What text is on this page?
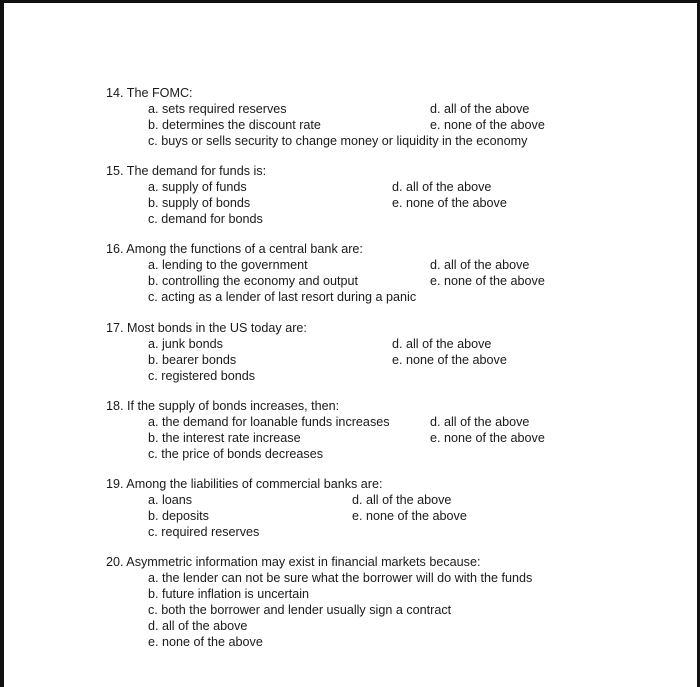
14. The FOMC:
a. sets required reserves
b. determines the discount rate
c. buys or sells security to change money or liquidity in the economy
d. all of the above
e. none of the above
15. The demand for funds is:
a. supply of funds
b. supply of bonds
c. demand for bonds
d. all of the above
e. none of the above
16. Among the functions of a central bank are:
a. lending to the government
b. controlling the economy and output
c. acting as a lender of last resort during a panic
d. all of the above
e. none of the above
17. Most bonds in the US today are:
a. junk bonds
b. bearer bonds
c. registered bonds
d. all of the above
e. none of the above
18. If the supply of bonds increases, then:
a. the demand for loanable funds increases
b. the interest rate increase
c. the price of bonds decreases
d. all of the above
e. none of the above
19. Among the liabilities of commercial banks are:
a. loans
b. deposits
c. required reserves
d. all of the above
e. none of the above
20. Asymmetric information may exist in financial markets because:
a. the lender can not be sure what the borrower will do with the funds
b. future inflation is uncertain
c. both the borrower and lender usually sign a contract
d. all of the above
e. none of the above
